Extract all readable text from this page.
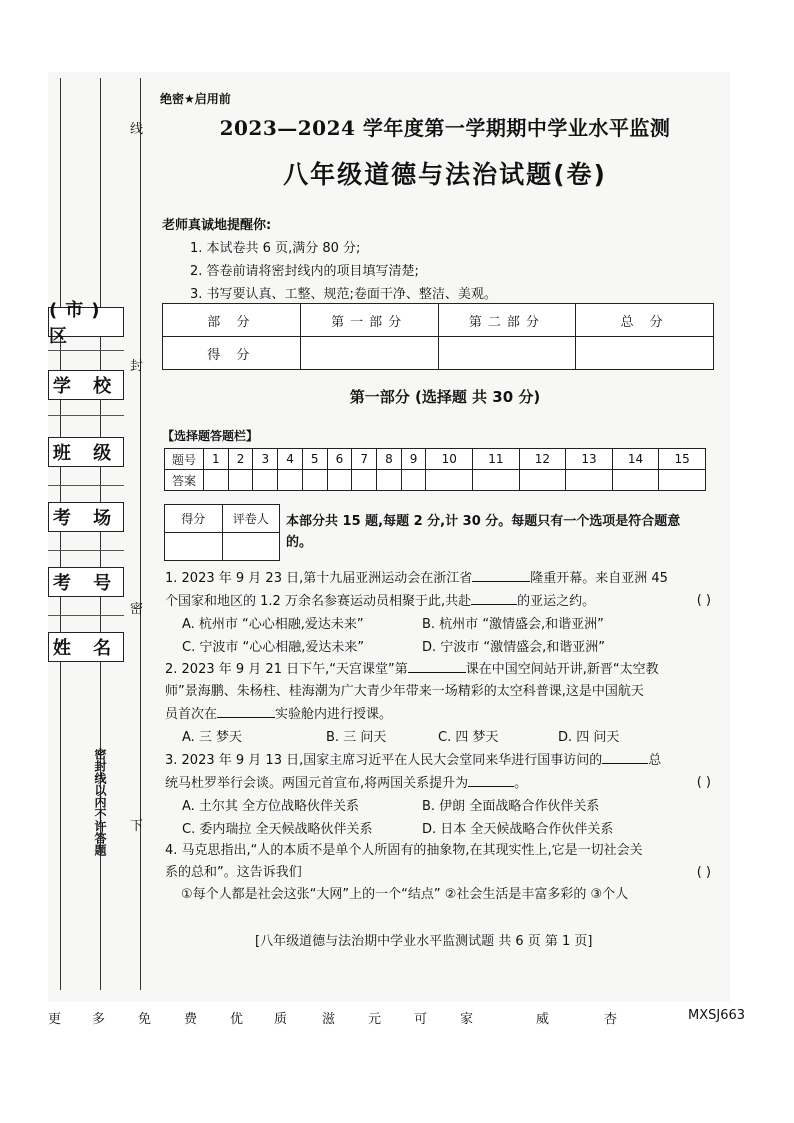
(市)区
学 校
班 级
考 场
考 号
姓 名
线
封
密
密封线以内不许答题 下
绝密★启用前
2023—2024 学年度第一学期期中学业水平监测
八年级道德与法治试题(卷)
老师真诚地提醒你:
1. 本试卷共 6 页,满分 80 分;
2. 答卷前请将密封线内的项目填写清楚;
3. 书写要认真、工整、规范;卷面干净、整洁、美观。
部 分	第一部分	第二部分	总 分
得 分			
第一部分 (选择题 共 30 分)
【选择题答题栏】
题号	1	2	3	4	5	6	7	8	9	10	11	12	13	14	15
答案															
得分	评卷人
	本部分共 15 题,每题 2 分,计 30 分。每题只有一个选项是符合题意的。
1. 2023 年 9 月 23 日,第十九届亚洲运动会在浙江省	隆重开幕。来自亚洲 45
个国家和地区的 1.2 万余名参赛运动员相聚于此,共赴	的亚运之约。	( )
A. 杭州市 “心心相融,爱达未来”	B. 杭州市 “激情盛会,和谐亚洲”
C. 宁波市 “心心相融,爱达未来”	D. 宁波市 “激情盛会,和谐亚洲”
2. 2023 年 9 月 21 日下午,“天宫课堂”第	课在中国空间站开讲,新晋“太空教
师”景海鹏、朱杨柱、桂海潮为广大青少年带来一场精彩的太空科普课,这是中国航天
员首次在	实验舱内进行授课。
A. 三 梦天	B. 三 问天	C. 四 梦天	D. 四 问天
3. 2023 年 9 月 13 日,国家主席习近平在人民大会堂同来华进行国事访问的	总
统马杜罗举行会谈。两国元首宣布,将两国关系提升为	。	( )
A. 土尔其 全方位战略伙伴关系	B. 伊朗 全面战略合作伙伴关系
C. 委内瑞拉 全天候战略伙伴关系	D. 日本 全天候战略合作伙伴关系
4. 马克思指出,“人的本质不是单个人所固有的抽象物,在其现实性上,它是一切社会关
系的总和”。这告诉我们	( )
①每个人都是社会这张“大网”上的一个“结点” ②社会生活是丰富多彩的 ③个人
[八年级道德与法治期中学业水平监测试题 共 6 页 第 1 页]
更 多	免	费	优 质	滋	元	可	家	威	杏	MXSJ663
